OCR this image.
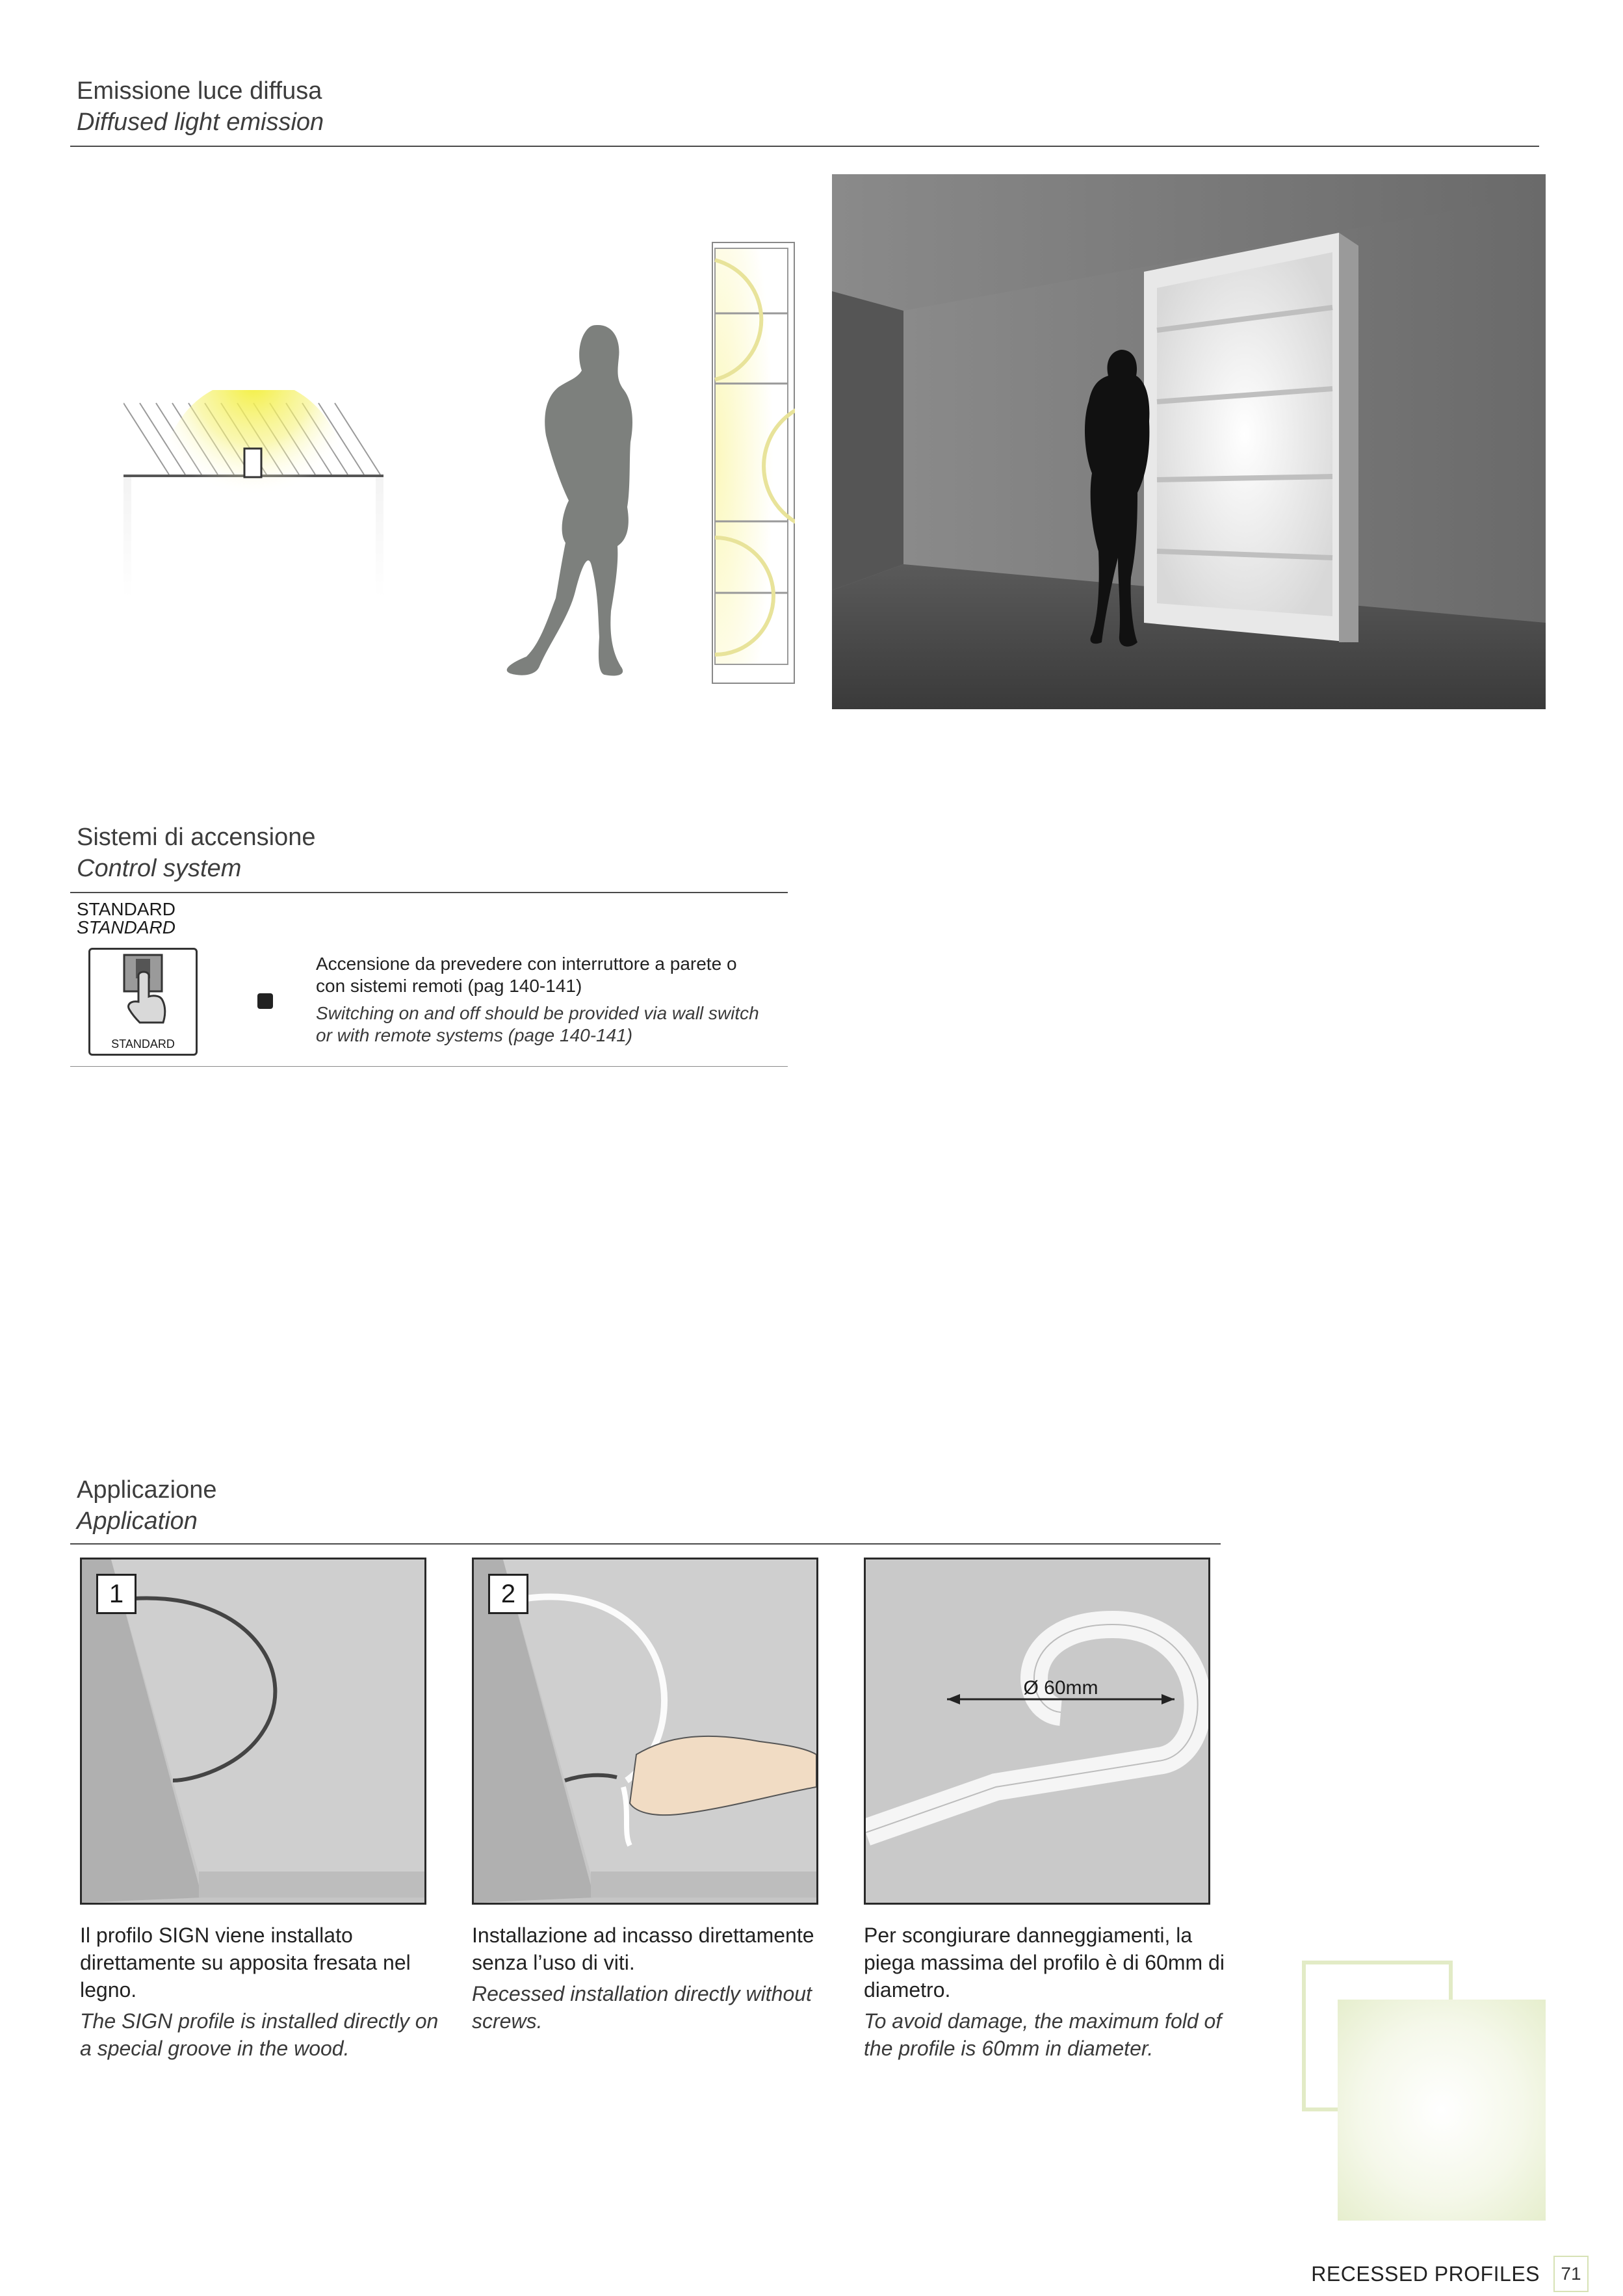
Emissione luce diffusa
Diffused light emission
Sistemi di accensione
Control system
STANDARD
STANDARD
STANDARD
Accensione da prevedere con interruttore a parete o con sistemi remoti (pag 140-141)
Switching on and off should be provided via wall switch or with remote systems (page 140-141)
Applicazione
Application
1	2
Ø 60mm
Il profilo SIGN viene installato direttamente su apposita fresata nel legno.
The SIGN profile is installed directly on a special groove in the wood.
Installazione ad incasso direttamente senza l’uso di viti.
Recessed installation directly without screws.
Per scongiurare danneggiamenti, la piega massima del profilo è di 60mm di diametro.
To avoid damage, the maximum fold of the profile is 60mm in diameter.
RECESSED PROFILES	71
